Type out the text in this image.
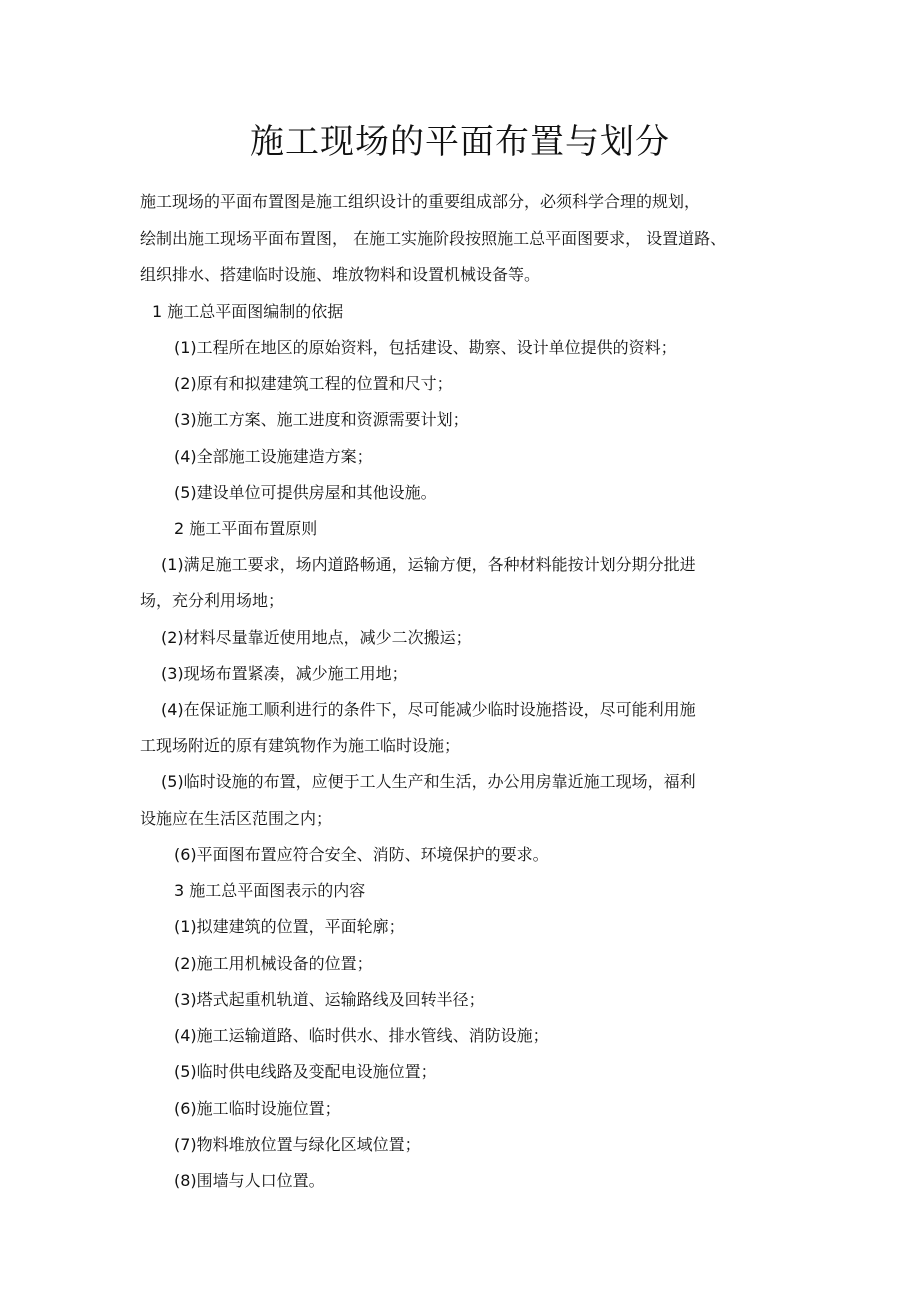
施工现场的平面布置与划分
施工现场的平面布置图是施工组织设计的重要组成部分，必须科学合理的规划，
绘制出施工现场平面布置图， 在施工实施阶段按照施工总平面图要求， 设置道路、
组织排水、搭建临时设施、堆放物料和设置机械设备等。
1 施工总平面图编制的依据
(1)工程所在地区的原始资料，包括建设、勘察、设计单位提供的资料；
(2)原有和拟建建筑工程的位置和尺寸；
(3)施工方案、施工进度和资源需要计划；
(4)全部施工设施建造方案；
(5)建设单位可提供房屋和其他设施。
2 施工平面布置原则
(1)满足施工要求，场内道路畅通，运输方便，各种材料能按计划分期分批进
场，充分利用场地；
(2)材料尽量靠近使用地点，减少二次搬运；
(3)现场布置紧凑，减少施工用地；
(4)在保证施工顺利进行的条件下，尽可能减少临时设施搭设，尽可能利用施
工现场附近的原有建筑物作为施工临时设施；
(5)临时设施的布置，应便于工人生产和生活，办公用房靠近施工现场，福利
设施应在生活区范围之内；
(6)平面图布置应符合安全、消防、环境保护的要求。
3 施工总平面图表示的内容
(1)拟建建筑的位置，平面轮廓；
(2)施工用机械设备的位置；
(3)塔式起重机轨道、运输路线及回转半径；
(4)施工运输道路、临时供水、排水管线、消防设施；
(5)临时供电线路及变配电设施位置；
(6)施工临时设施位置；
(7)物料堆放位置与绿化区域位置；
(8)围墙与人口位置。
